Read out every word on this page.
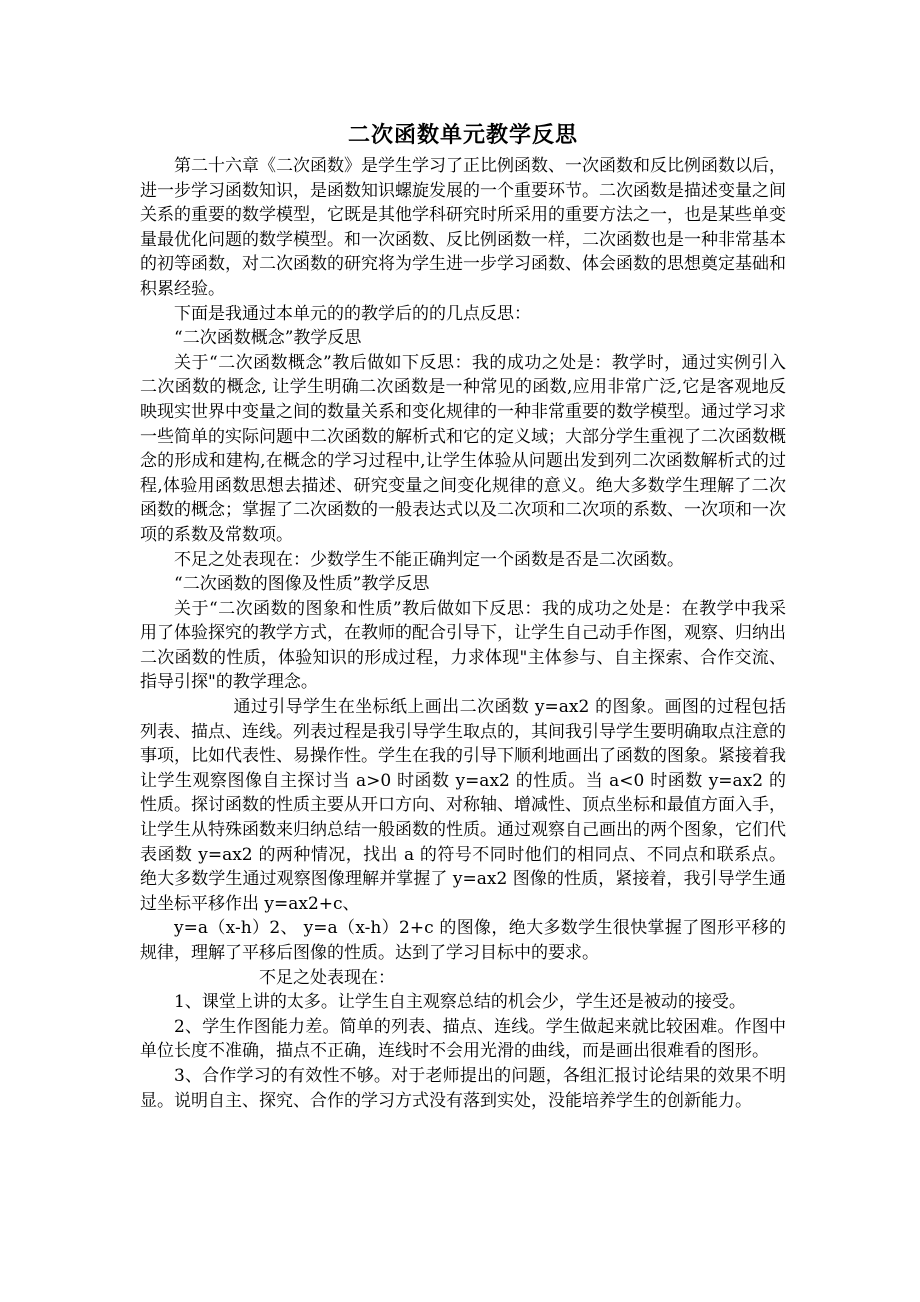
二次函数单元教学反思

第二十六章《二次函数》是学生学习了正比例函数、一次函数和反比例函数以后，进一步学习函数知识，是函数知识螺旋发展的一个重要环节。二次函数是描述变量之间关系的重要的数学模型，它既是其他学科研究时所采用的重要方法之一，也是某些单变量最优化问题的数学模型。和一次函数、反比例函数一样，二次函数也是一种非常基本的初等函数，对二次函数的研究将为学生进一步学习函数、体会函数的思想奠定基础和积累经验。

下面是我通过本单元的的教学后的的几点反思：

“二次函数概念”教学反思

关于“二次函数概念”教后做如下反思：我的成功之处是：教学时，通过实例引入二次函数的概念, 让学生明确二次函数是一种常见的函数,应用非常广泛,它是客观地反映现实世界中变量之间的数量关系和变化规律的一种非常重要的数学模型。通过学习求一些简单的实际问题中二次函数的解析式和它的定义域；大部分学生重视了二次函数概念的形成和建构,在概念的学习过程中,让学生体验从问题出发到列二次函数解析式的过程,体验用函数思想去描述、研究变量之间变化规律的意义。绝大多数学生理解了二次函数的概念；掌握了二次函数的一般表达式以及二次项和二次项的系数、一次项和一次项的系数及常数项。

不足之处表现在：少数学生不能正确判定一个函数是否是二次函数。

“二次函数的图像及性质”教学反思

关于“二次函数的图象和性质”教后做如下反思：我的成功之处是：在教学中我采用了体验探究的教学方式，在教师的配合引导下，让学生自己动手作图，观察、归纳出二次函数的性质，体验知识的形成过程，力求体现"主体参与、自主探索、合作交流、指导引探"的教学理念。

通过引导学生在坐标纸上画出二次函数 y=ax2 的图象。画图的过程包括列表、描点、连线。列表过程是我引导学生取点的，其间我引导学生要明确取点注意的事项，比如代表性、易操作性。学生在我的引导下顺利地画出了函数的图象。紧接着我让学生观察图像自主探讨当 a>0 时函数 y=ax2 的性质。当 a<0 时函数 y=ax2 的性质。探讨函数的性质主要从开口方向、对称轴、增减性、顶点坐标和最值方面入手，让学生从特殊函数来归纳总结一般函数的性质。通过观察自己画出的两个图象，它们代表函数 y=ax2 的两种情况，找出 a 的符号不同时他们的相同点、不同点和联系点。绝大多数学生通过观察图像理解并掌握了 y=ax2 图像的性质，紧接着，我引导学生通过坐标平移作出 y=ax2+c、

y=a（x-h）2、 y=a（x-h）2+c 的图像，绝大多数学生很快掌握了图形平移的规律，理解了平移后图像的性质。达到了学习目标中的要求。

不足之处表现在：

1、课堂上讲的太多。让学生自主观察总结的机会少，学生还是被动的接受。

2、学生作图能力差。简单的列表、描点、连线。学生做起来就比较困难。作图中单位长度不准确，描点不正确，连线时不会用光滑的曲线，而是画出很难看的图形。

3、合作学习的有效性不够。对于老师提出的问题，各组汇报讨论结果的效果不明显。说明自主、探究、合作的学习方式没有落到实处，没能培养学生的创新能力。
